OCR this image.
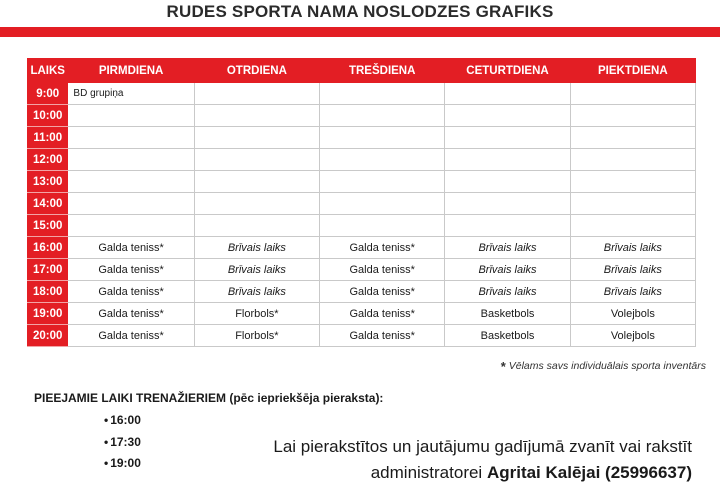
RUDES SPORTA NAMA NOSLODZES GRAFIKS
LAIKS	PIRMDIENA	OTRDIENA	TREŠDIENA	CETURTDIENA	PIEKTDIENA
9:00	BD grupiņa				
10:00					
11:00					
12:00					
13:00					
14:00					
15:00					
16:00	Galda teniss*	Brīvais laiks	Galda teniss*	Brīvais laiks	Brīvais laiks
17:00	Galda teniss*	Brīvais laiks	Galda teniss*	Brīvais laiks	Brīvais laiks
18:00	Galda teniss*	Brīvais laiks	Galda teniss*	Brīvais laiks	Brīvais laiks
19:00	Galda teniss*	Florbols*	Galda teniss*	Basketbols	Volejbols
20:00	Galda teniss*	Florbols*	Galda teniss*	Basketbols	Volejbols
* Vēlams savs individuālais sporta inventārs
PIEEJAMIE LAIKI TRENAŽIERIEM (pēc iepriekšēja pieraksta):
• 16:00
• 17:30
• 19:00
Lai pierakstītos un jautājumu gadījumā zvanīt vai rakstīt
administratorei Agritai Kalējai (25996637)
